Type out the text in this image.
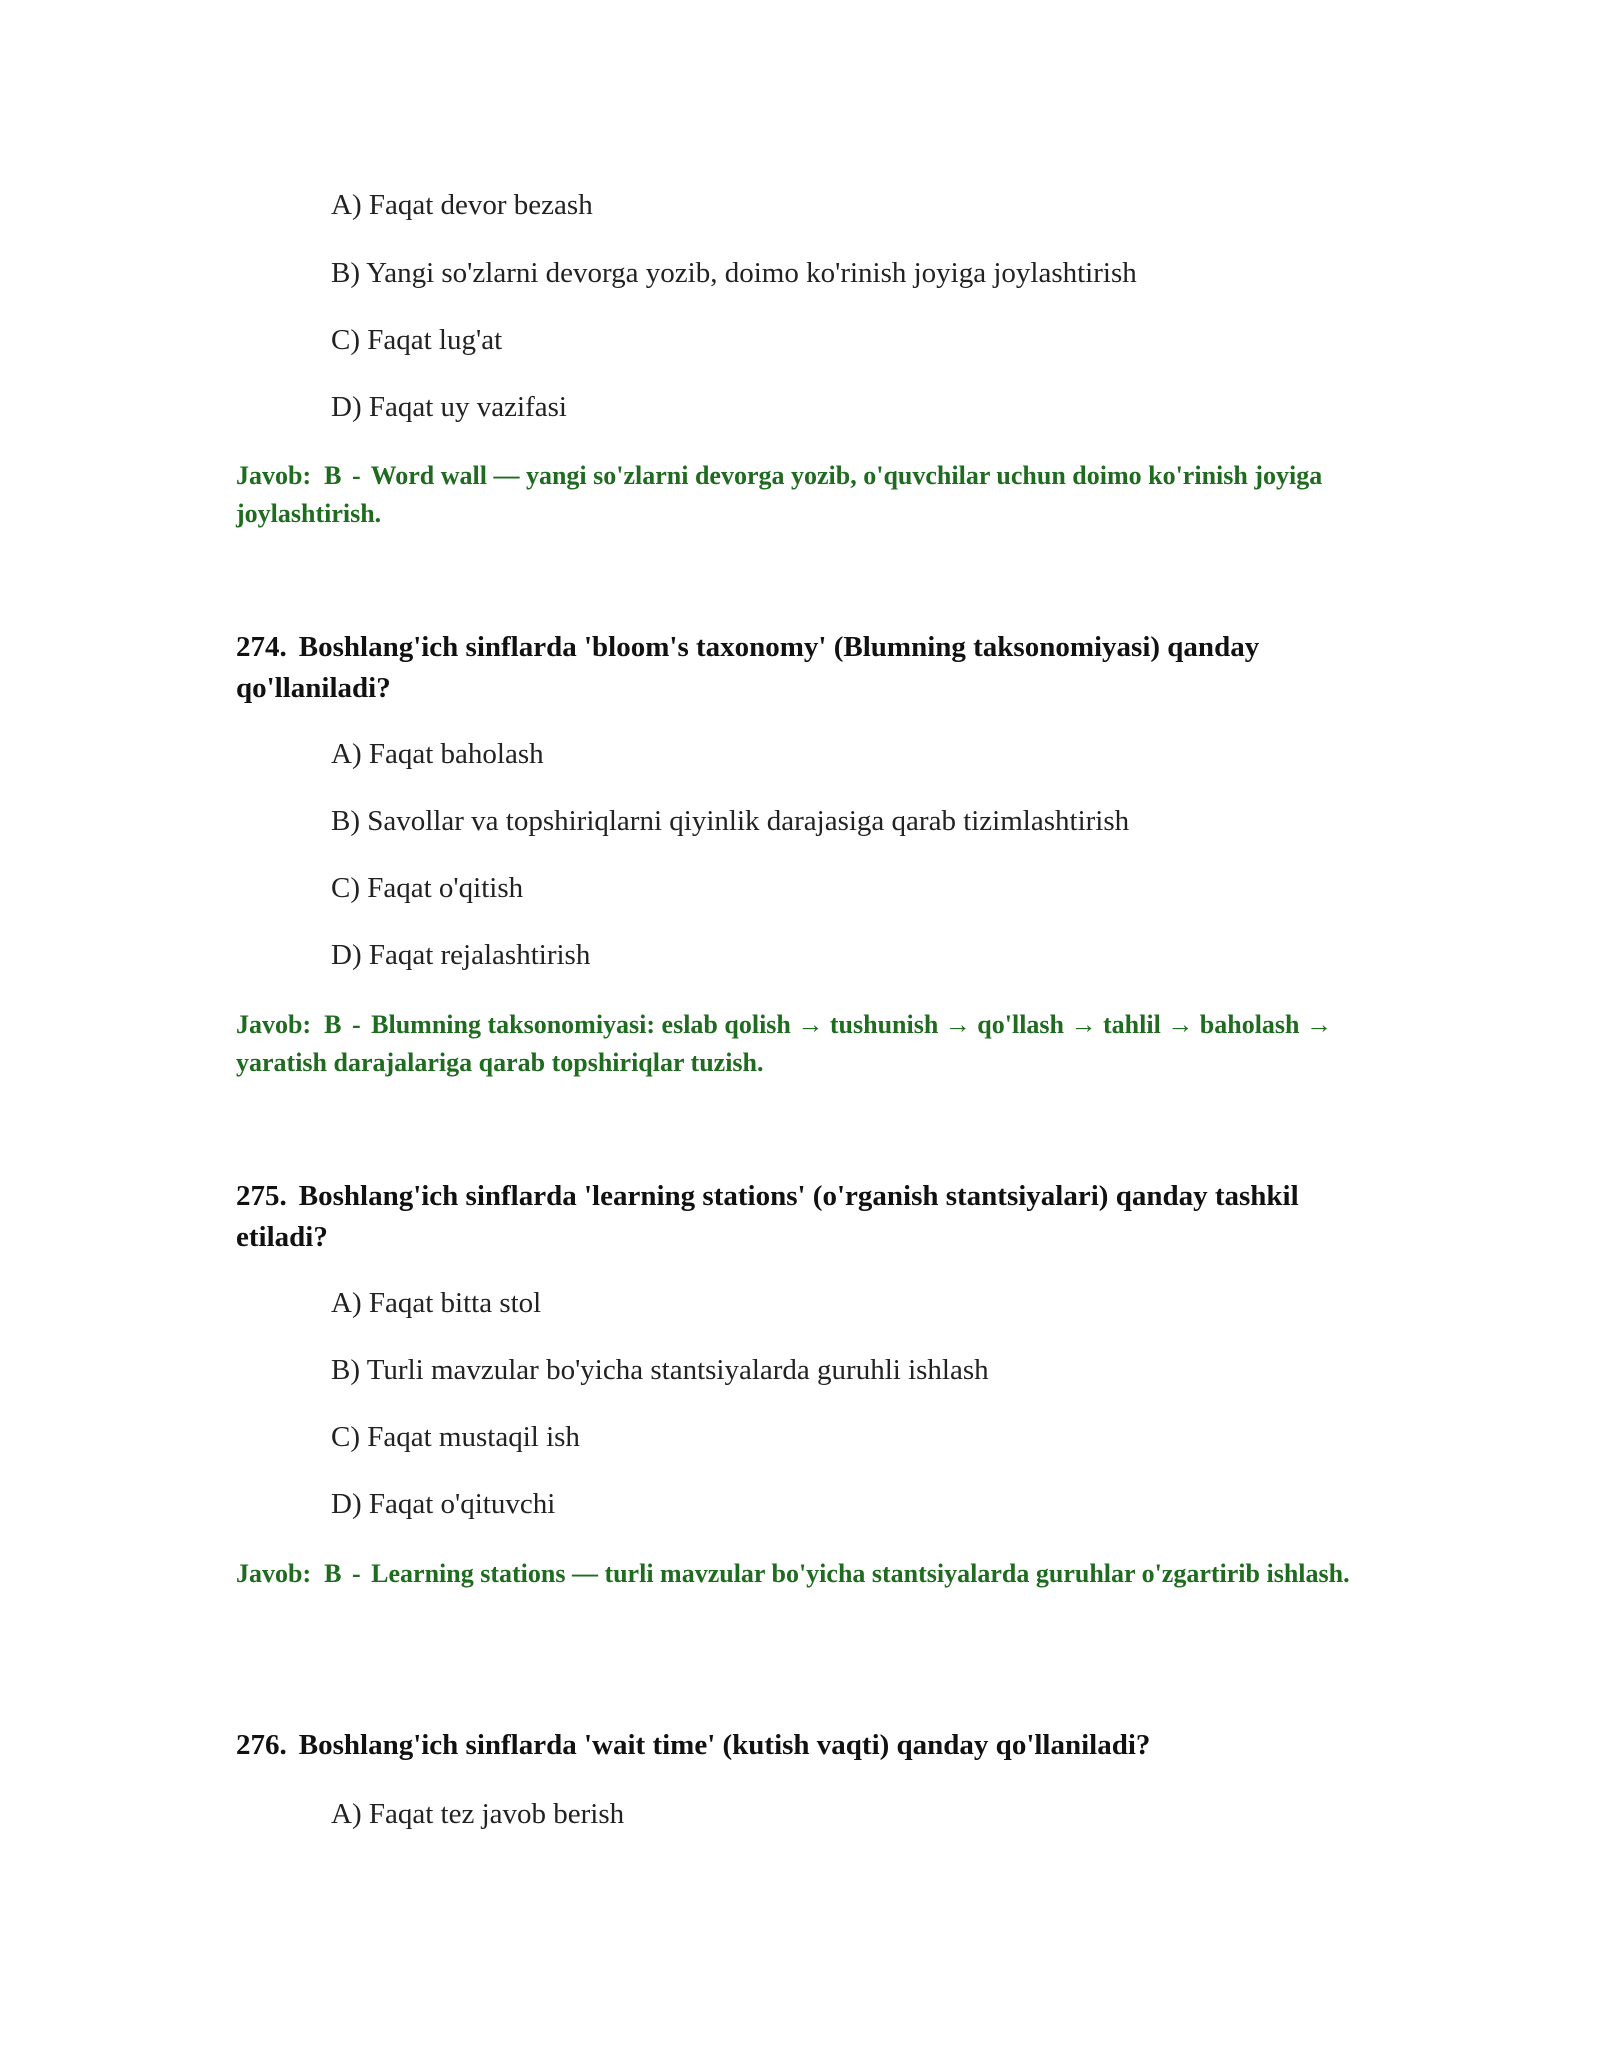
A) Faqat devor bezash
B) Yangi so'zlarni devorga yozib, doimo ko'rinish joyiga joylashtirish
C) Faqat lug'at
D) Faqat uy vazifasi
Javob: B - Word wall — yangi so'zlarni devorga yozib, o'quvchilar uchun doimo ko'rinish joyiga joylashtirish.
274. Boshlang'ich sinflarda 'bloom's taxonomy' (Blumning taksonomiyasi) qanday qo'llaniladi?
A) Faqat baholash
B) Savollar va topshiriqlarni qiyinlik darajasiga qarab tizimlashtirish
C) Faqat o'qitish
D) Faqat rejalashtirish
Javob: B - Blumning taksonomiyasi: eslab qolish → tushunish → qo'llash → tahlil → baholash → yaratish darajalariga qarab topshiriqlar tuzish.
275. Boshlang'ich sinflarda 'learning stations' (o'rganish stantsiyalari) qanday tashkil etiladi?
A) Faqat bitta stol
B) Turli mavzular bo'yicha stantsiyalarda guruhli ishlash
C) Faqat mustaqil ish
D) Faqat o'qituvchi
Javob: B - Learning stations — turli mavzular bo'yicha stantsiyalarda guruhlar o'zgartirib ishlash.
276. Boshlang'ich sinflarda 'wait time' (kutish vaqti) qanday qo'llaniladi?
A) Faqat tez javob berish
